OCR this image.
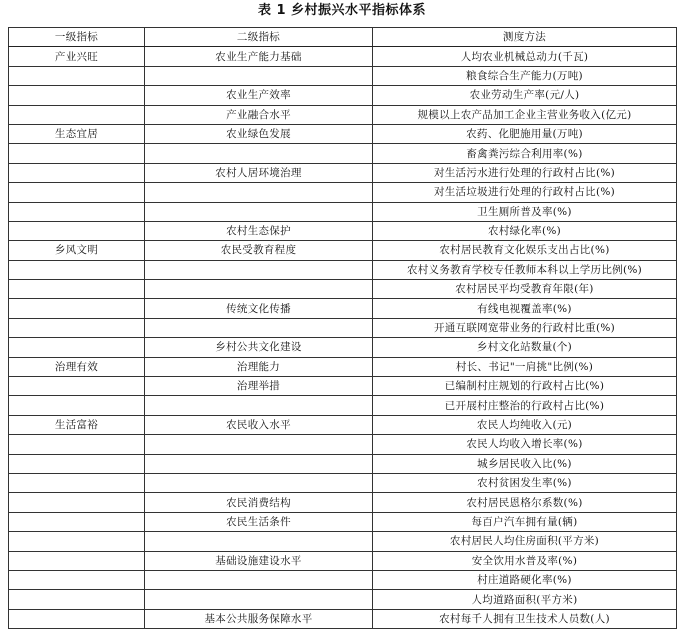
表 1 乡村振兴水平指标体系
一级指标	二级指标	测度方法
产业兴旺	农业生产能力基础	人均农业机械总动力(千瓦)
		粮食综合生产能力(万吨)
	农业生产效率	农业劳动生产率(元/人)
	产业融合水平	规模以上农产品加工企业主营业务收入(亿元)
生态宜居	农业绿色发展	农药、化肥施用量(万吨)
		畜禽粪污综合利用率(%)
	农村人居环境治理	对生活污水进行处理的行政村占比(%)
		对生活垃圾进行处理的行政村占比(%)
		卫生厕所普及率(%)
	农村生态保护	农村绿化率(%)
乡风文明	农民受教育程度	农村居民教育文化娱乐支出占比(%)
		农村义务教育学校专任教师本科以上学历比例(%)
		农村居民平均受教育年限(年)
	传统文化传播	有线电视覆盖率(%)
		开通互联网宽带业务的行政村比重(%)
	乡村公共文化建设	乡村文化站数量(个)
治理有效	治理能力	村长、书记"一肩挑"比例(%)
	治理举措	已编制村庄规划的行政村占比(%)
		已开展村庄整治的行政村占比(%)
生活富裕	农民收入水平	农民人均纯收入(元)
		农民人均收入增长率(%)
		城乡居民收入比(%)
		农村贫困发生率(%)
	农民消费结构	农村居民恩格尔系数(%)
	农民生活条件	每百户汽车拥有量(辆)
		农村居民人均住房面积(平方米)
	基础设施建设水平	安全饮用水普及率(%)
		村庄道路硬化率(%)
		人均道路面积(平方米)
	基本公共服务保障水平	农村每千人拥有卫生技术人员数(人)
